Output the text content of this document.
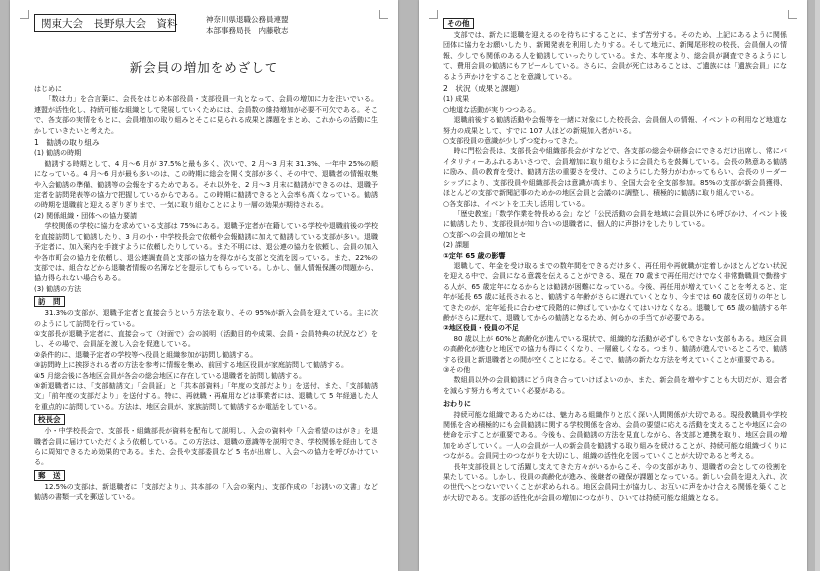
関東大会　長野県大会　資料	神奈川県退職公務員連盟
本部事務局長　内藤敬志
新会員の増加をめざして

はじめに

「数は力」を合言葉に、会長をはじめ本部役員・支部役員一丸となって、会員の増加に力を注いでいる。連盟が活性化し、持続可能な組織として発展していくためには、会員数の維持増加が必要不可欠である。そこで、各支部の実情をもとに、会員増加の取り組みとそこに見られる成果と課題をまとめ、これからの活動に生かしていきたいと考えた。

1　勧誘の取り組み

(1) 勧誘の時期

勧誘する時期として、4 月～6 月が 37.5%と最も多く、次いで、2 月～3 月末 31.3%、一年中 25%の順になっている。4 月～6 月が最も多いのは、この時期に総会を開く支部が多く、その中で、退職者の情報収集や入会勧誘の準備、勧誘等の会報をするためである。それ以外を、2 月～3 月末に勧誘ができるのは、退職予定者を訪問発表等の協力で把握しているからである。この時期に勧誘できると入会率も高くなっている。勧誘の時期を退職前と迎えるぎりぎりまで、一気に取り組むことにより一層の効果が期待される。

(2) 関係組織・団体への協力要請

学校関係の学校に協力を求めている支部は 75%にある。退職予定者が在籍している学校や退職前後の学校を直接訪問して勧誘したり、3 月の小・中学校長会で依頼や会報勧誘に加えて勧誘している支部が多い。退職予定者に、加入案内を手渡すように依頼したりしている。また不明には、退公連の協力を依頼し、会員の加入や各市町会の協力を依頼し、退公連調査員と支部の協力を得ながら支部と交流を図っている。また、22%の支部では、組合などから退職者情報の名簿などを提示してもらっている。しかし、個人情報保護の問題から、協力得られない場合もある。

(3) 勧誘の方法

訪　問

31.3%の支部が、退職予定者と直接会うという方法を取り、その 95%が新入会員を迎えている。主に次のようにして訪問を行っている。

①支部長が退職予定者に、直接会って（対面で）会の説明（活動目的や成果、会員・会員特典の状況など）をし、その場で、会員証を渡し入会を促進している。

②条件的に、退職予定者の学校等へ役員と組織参加が訪問し勧誘する。

③訪問時上に挨拶される者の方法を参考に情報を集め、前回する地区役員が家庭訪問して勧誘する。

④5 月総会後に各地区会員が各会の総会地区に存在している退職者を訪問し勧誘する。

⑤新退職者には、「支部勧誘文」「会員証」と「共本部資料」「年度の支部だより」を送付、また、「支部勧誘文」「前年度の支部だより」を送付する。特に、再就職・再雇用などは事業者には、退職して 5 年経過した人を重点的に訪問している。方法は、地区会員が、家族訪問して勧誘するか電話をしている。

校長会

小・中学校長会で、支部長・組織部長が資料を配布して説明し、入会の資料や「入会希望のはがき」を退職者会員に届けていただくよう依頼している。この方法は、退職の意識等を説明でき、学校関係を経由してさらに周知できるため効果的である。また、会長や支部委員など 5 名が出席し、入会への協力を呼びかけている。

郵　送

12.5%の支部は、新退職者に「支部だより」、共本部の「入会の案内」、支部作成の「お誘いの文書」など勧誘の書類一式を郵送している。

その他

支部では、新たに退職を迎えるのを待ちにすることに、まず苦労する。そのため、上記にあるように関係団体に協力をお願いしたり、新聞発表を利用したりする。そして地元に、新聞尾形校の校長、会員個人の情報、少しでも関係のある人を勧誘していったりしている。また、本年度より、総会員が調査できるようにして、費用会員の勧誘にもアピールしている。さらに、会員が死亡はあることは、ご遺族には「遺族会員」になるよう声かけをすることを意識している。

2　状況（成果と課題）

(1) 成果

○地道な活動が実りつつある。

退職前後する勧誘活動や会報等を一緒に対象にした校長会、会員個人の情報、イベントの利用など地道な努力の成果として、すでに 107 人ほどの新規加入者がいる。

○支部役員の意識が少しずつ変わってきた。

時に門松会長は、支部長会や組織部長会がすなどで、各支部の総会や研修会にできるだけ出席し、常にバイタリティーあふれるあいさつで、会員増加に取り組むように会員たちを鼓舞している。会長の熱意ある勧誘に励み、員の教育を受け、勧誘方法の重要さを受け、このようにした努力がわかってもらい、会長のリーダーシップにより、支部役員や組織部長会は意識が高まり、全国大会を全支部参加。85%の支部が新会員獲得、ほとんどの支部で新聞記事のためかの地区会員と会議のに調整し、積極的に勧誘に取り組んでいる。

○各支部は、イベントを工夫し活用している。

「歴史教室」「数学作業を特長める会」など「公民活動の会員を地域に会員以外にも呼びかけ、イベント後に勧誘したり、支部役員が知り合いの退職者に、個人的に声掛けをしたりしている。

○支部への会員の増加とセ

(2) 課題

①定年 65 歳の影響

退職して、年金を受け取るまでの数年間をできるだけ多く、再任用や再就職が定着しかほとんどない状況を迎える中で、会員になる意義を伝えることができる、現在 70 歳まで再任用だけでなく非常勤職員で勤務する人が、65 歳定年になるからとは勧誘が困難になっている。今後、再任用が増えていくことを考えると、定年が延長 65 歳に延長されると、勧誘する年齢がさらに遅れていくとなり、今までは 60 歳を区切りの年としてきたのが、定年延長に合わせて段階的に伸ばしていかなくてはいけなくなる。退職して 65 歳の勧誘する年齢がさらに遅れて、退職してからの勧誘となるため、何らかの手当てが必要である。

②地区役員・役員の不足

80 歳以上が 60%と高齢化が進んでいる現状で、組織的な活動が必ずしもできない支部もある。地区会員の高齢化が進むと地区での協力も得にくくなり、一層厳しくなる。つまり、勧誘が進んでいるところで、勧誘する役員と新退職者との間が空くことになる。そこで、勧誘の新たな方法を考えていくことが重要である。

③その他

数組員以外の会員勧誘にどう向き合っていけばよいのか、また、新会員を増やすことも大切だが、退会者を減らす努力も考えていく必要がある。

おわりに

持続可能な組織であるためには、魅力ある組織作りと広く深い人間関係が大切である。現役教職員や学校関係を含め積極的にも会員勧誘に関する学校関係を含め、会員の要望に応える活動を支えることや地区に会の使命を示すことが重要である。今後も、会員勧誘の方法を見直しながら、各支部と連携を取り、地区会員の増加をめざしていく。一人の会員が一人の新会員を勧誘する取り組みを続けることが、持続可能な組織づくりにつながる。会員同士のつながりを大切にし、組織の活性化を図っていくことが大切であると考える。

長年支部役員として活躍し支えてきた方々がいるからこそ、今の支部があり、退職者の会としての役割を果たしている。しかし、役員の高齢化が進み、後継者の確保が課題となっている。新しい会員を迎え入れ、次の世代へとつないでいくことが求められる。地区会員同士が協力し、お互いに声をかけ合える関係を築くことが大切である。支部の活性化が会員の増加につながり、ひいては持続可能な組織となる。
